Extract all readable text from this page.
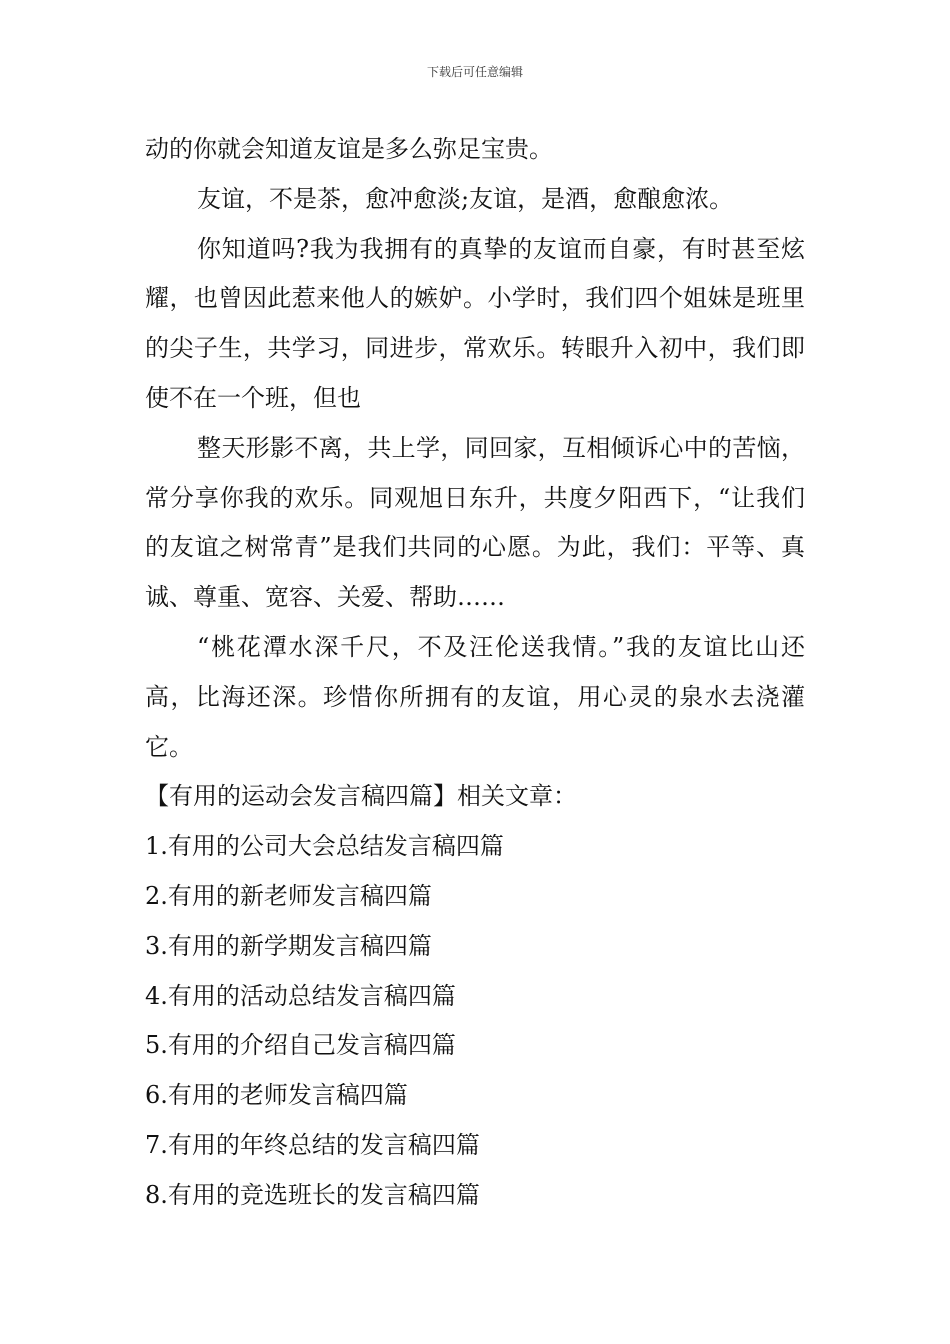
下载后可任意编辑

动的你就会知道友谊是多么弥足宝贵。

友谊，不是茶，愈冲愈淡;友谊，是酒，愈酿愈浓。

你知道吗?我为我拥有的真挚的友谊而自豪，有时甚至炫耀，也曾因此惹来他人的嫉妒。小学时，我们四个姐妹是班里的尖子生，共学习，同进步，常欢乐。转眼升入初中，我们即使不在一个班，但也

整天形影不离，共上学，同回家，互相倾诉心中的苦恼，常分享你我的欢乐。同观旭日东升，共度夕阳西下，“让我们的友谊之树常青”是我们共同的心愿。为此，我们：平等、真诚、尊重、宽容、关爱、帮助……

“桃花潭水深千尺，不及汪伦送我情。”我的友谊比山还高，比海还深。珍惜你所拥有的友谊，用心灵的泉水去浇灌它。

【有用的运动会发言稿四篇】相关文章：

1.有用的公司大会总结发言稿四篇

2.有用的新老师发言稿四篇

3.有用的新学期发言稿四篇

4.有用的活动总结发言稿四篇

5.有用的介绍自己发言稿四篇

6.有用的老师发言稿四篇

7.有用的年终总结的发言稿四篇

8.有用的竞选班长的发言稿四篇
